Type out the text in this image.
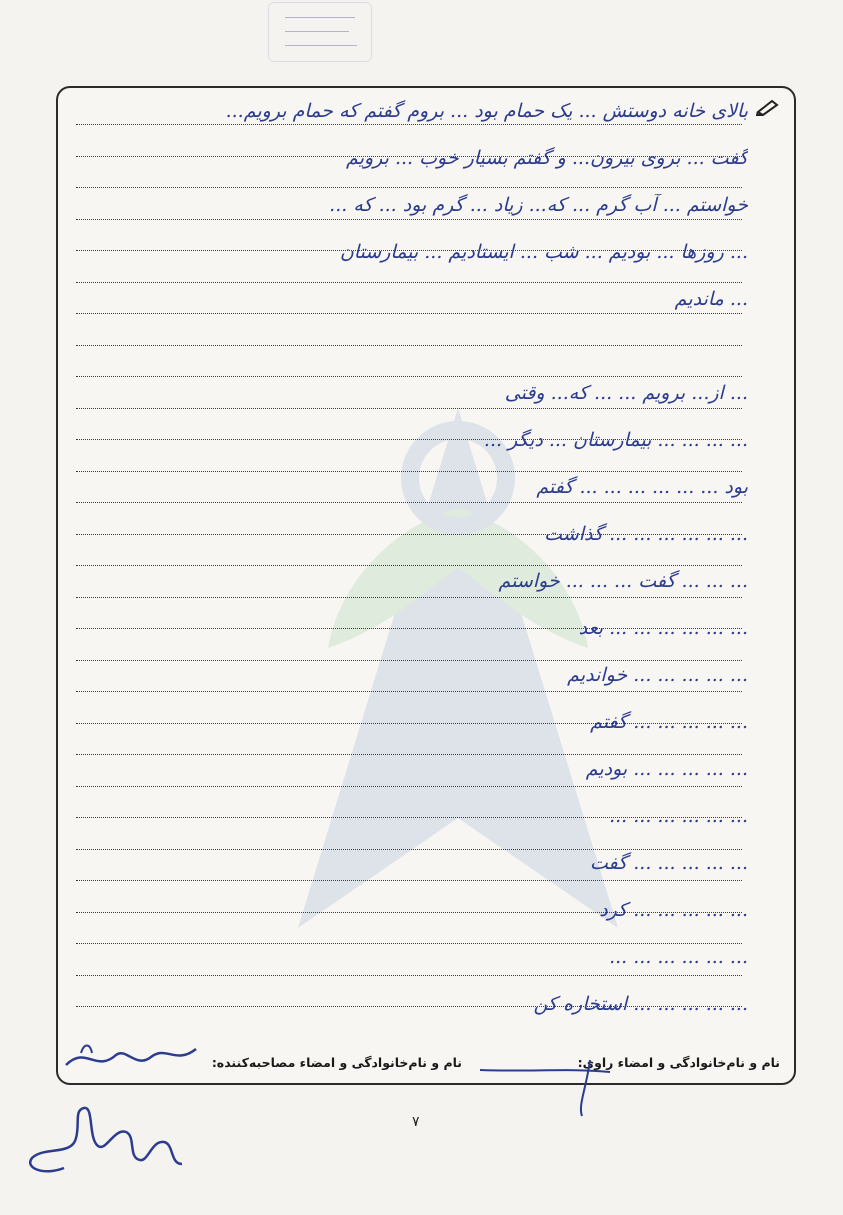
بالای خانه دوستش ... یک حمام بود ... بروم گفتم که حمام برویم...
گفت ... بروی بیرون... و گفتم بسیار خوب ... برویم
خواستم ... آب گرم ... که... زیاد ... گرم بود ... که ...
... روزها ... بودیم ... شب ... ایستادیم ... بیمارستان
... ماندیم
... از... برویم ... ... که... وقتی
... ... ... ... بیمارستان ... دیگر ...
بود ... ... ... ... ... ... گفتم
... ... ... ... ... ... گذاشت
... ... ... گفت ... ... ... خواستم
... ... ... ... ... ... بعد
... ... ... ... ... خواندیم
... ... ... ... ... گفتم
... ... ... ... ... بودیم
... ... ... ... ... ...
... ... ... ... ... گفت
... ... ... ... ... کرد
... ... ... ... ... ...
... ... ... ... ... استخاره کن
نام و نام‌خانوادگی و امضاء راوی:
نام و نام‌خانوادگی و امضاء مصاحبه‌کننده:
۷
